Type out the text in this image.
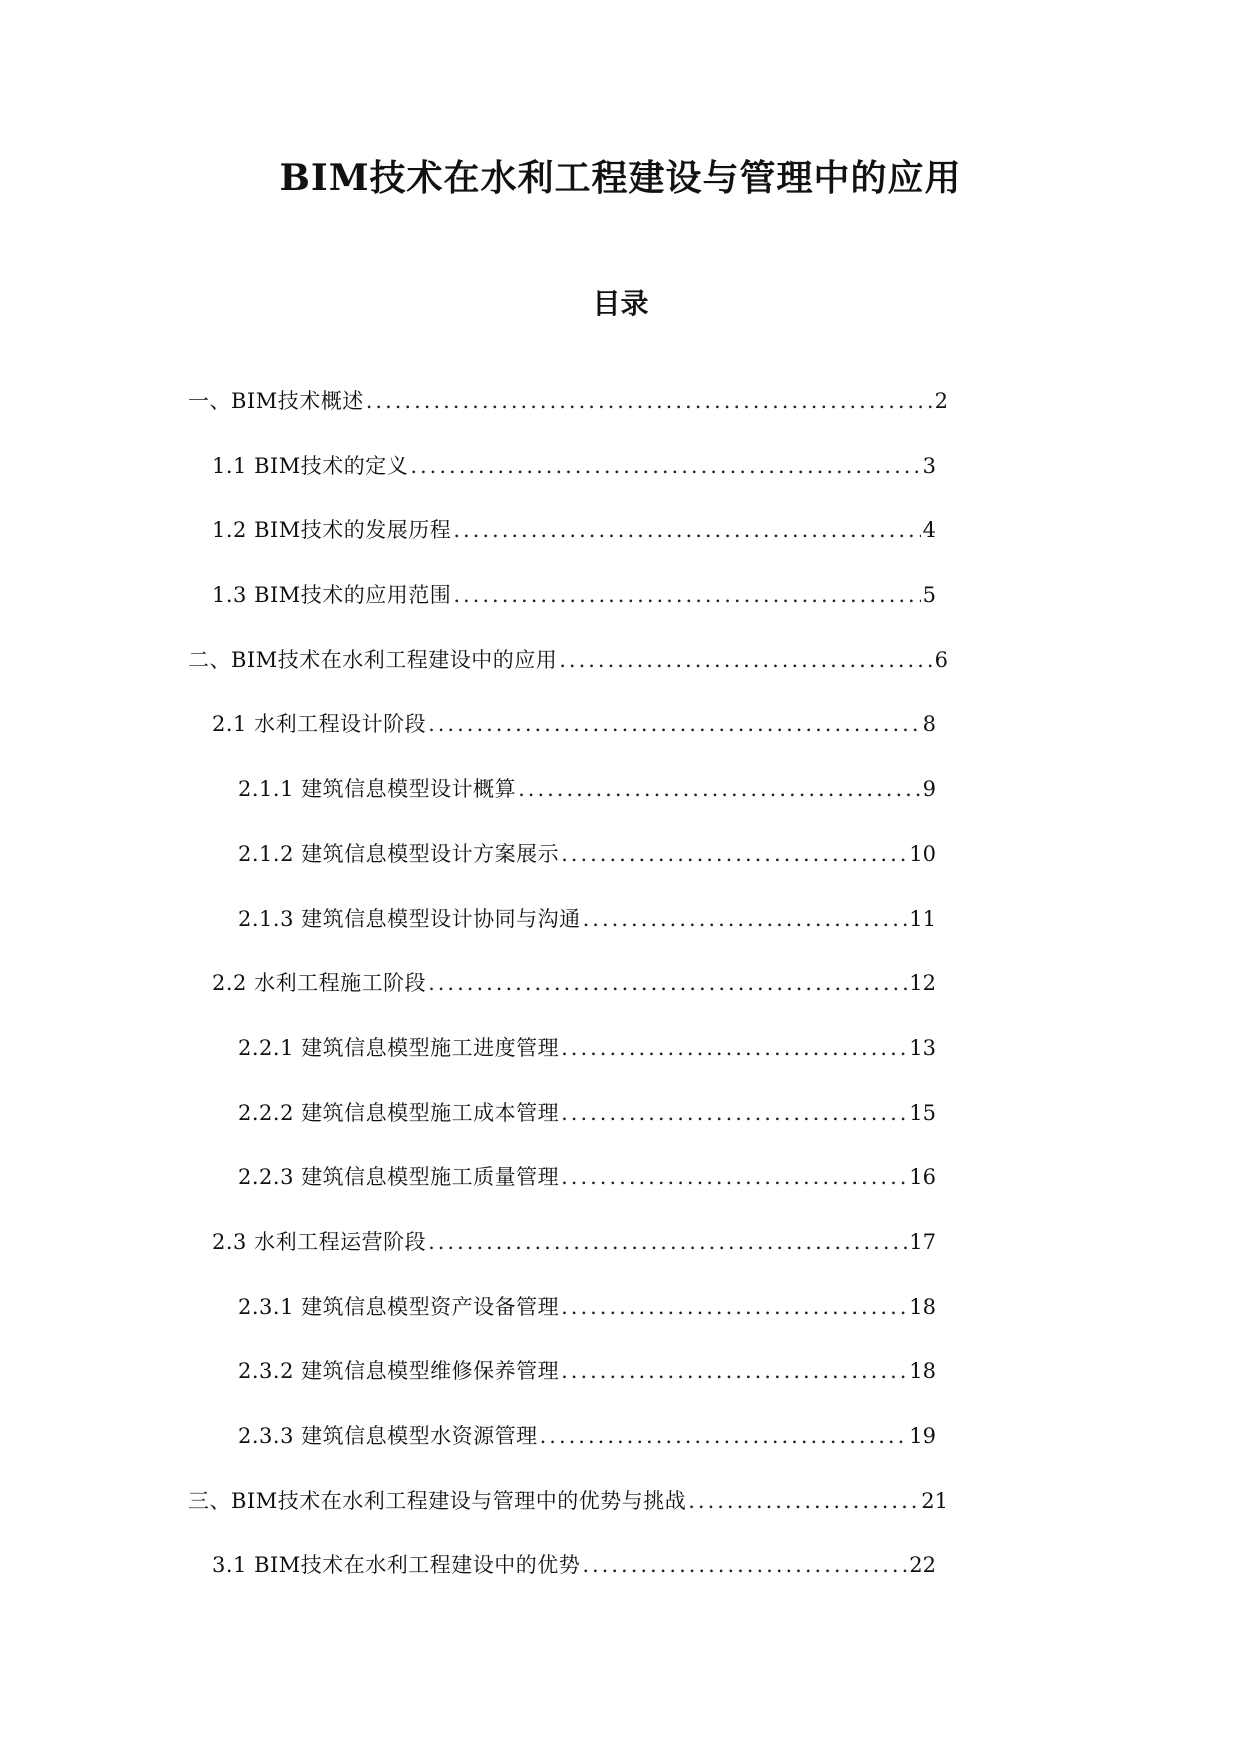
BIM技术在水利工程建设与管理中的应用
目录
一、BIM技术概述 .....	2
1.1 BIM技术的定义 .....	3
1.2 BIM技术的发展历程 .....	4
1.3 BIM技术的应用范围 .....	5
二、BIM技术在水利工程建设中的应用 .....	6
2.1 水利工程设计阶段 .....	8
2.1.1 建筑信息模型设计概算 .....	9
2.1.2 建筑信息模型设计方案展示 .....	10
2.1.3 建筑信息模型设计协同与沟通 .....	11
2.2 水利工程施工阶段 .....	12
2.2.1 建筑信息模型施工进度管理 .....	13
2.2.2 建筑信息模型施工成本管理 .....	15
2.2.3 建筑信息模型施工质量管理 .....	16
2.3 水利工程运营阶段 .....	17
2.3.1 建筑信息模型资产设备管理 .....	18
2.3.2 建筑信息模型维修保养管理 .....	18
2.3.3 建筑信息模型水资源管理 .....	19
三、BIM技术在水利工程建设与管理中的优势与挑战 .....	21
3.1 BIM技术在水利工程建设中的优势 .....	22
